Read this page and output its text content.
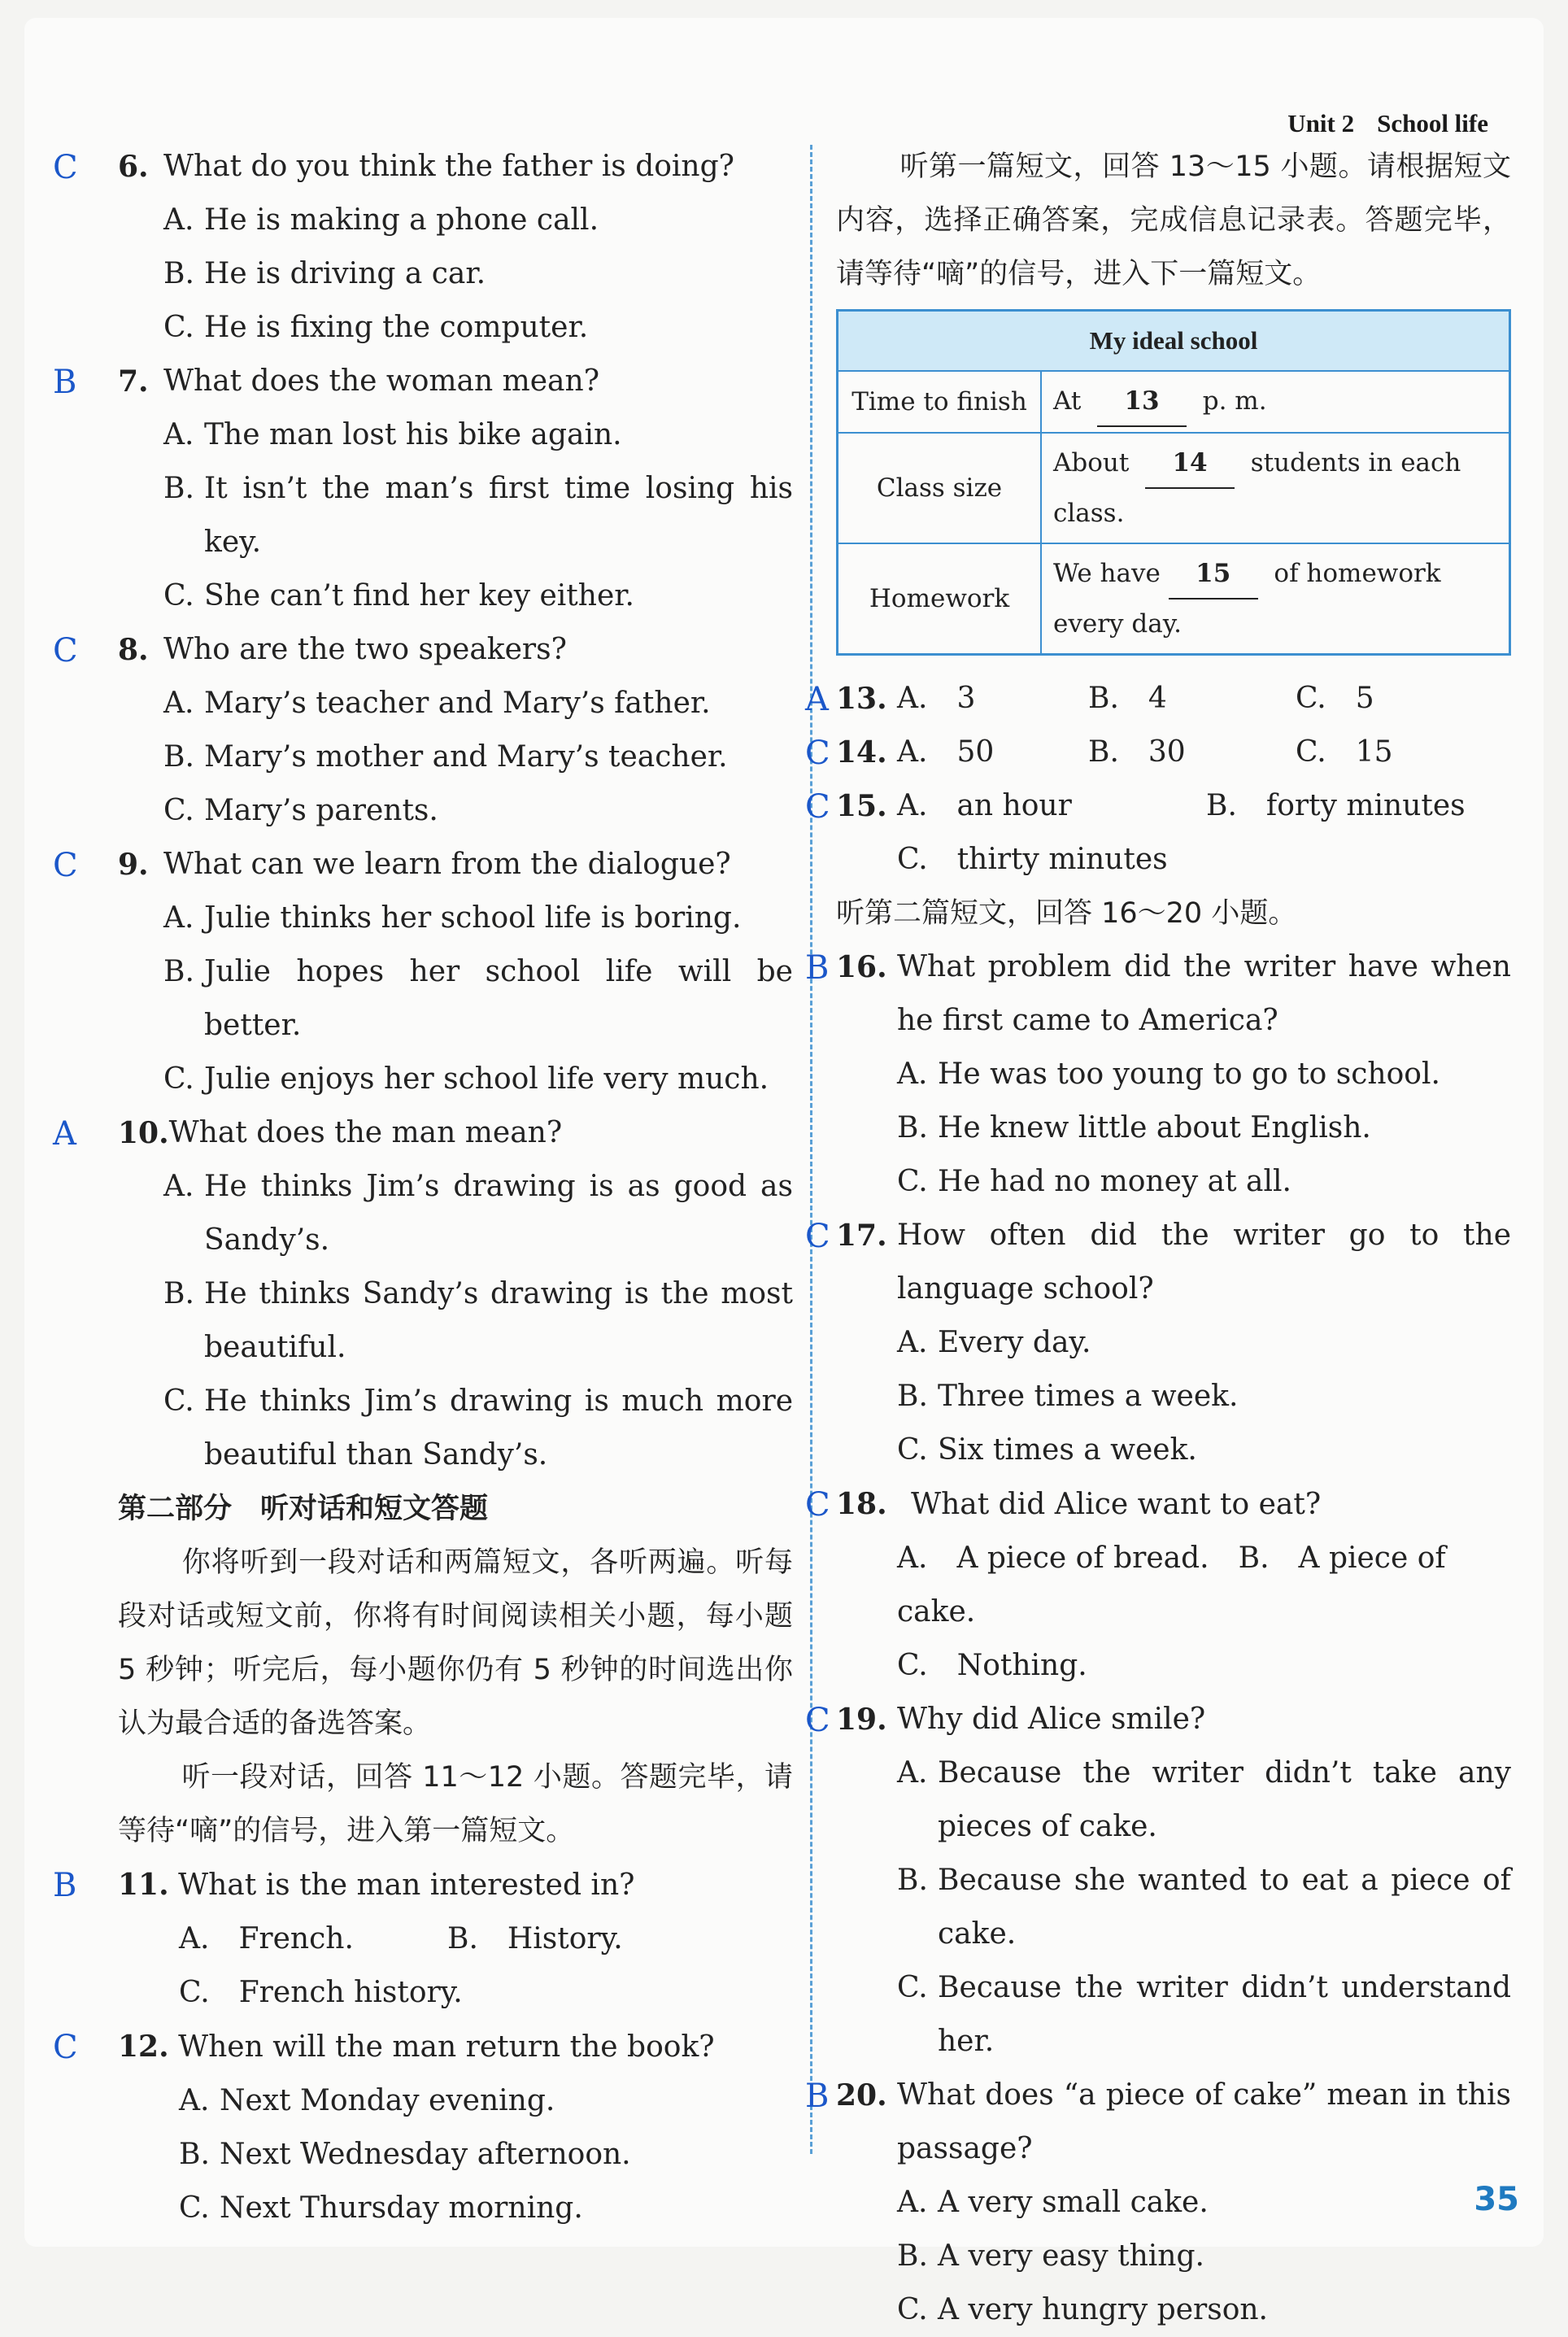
Unit 2 School life
C 6. What do you think the father is doing?
A. He is making a phone call.
B. He is driving a car.
C. He is fixing the computer.
B 7. What does the woman mean?
A. The man lost his bike again.
B. It isn’t the man’s first time losing his key.
C. She can’t find her key either.
C 8. Who are the two speakers?
A. Mary’s teacher and Mary’s father.
B. Mary’s mother and Mary’s teacher.
C. Mary’s parents.
C 9. What can we learn from the dialogue?
A. Julie thinks her school life is boring.
B. Julie hopes her school life will be better.
C. Julie enjoys her school life very much.
A 10. What does the man mean?
A. He thinks Jim’s drawing is as good as Sandy’s.
B. He thinks Sandy’s drawing is the most beautiful.
C. He thinks Jim’s drawing is much more beautiful than Sandy’s.
第二部分　听对话和短文答题
你将听到一段对话和两篇短文，各听两遍。听每段对话或短文前，你将有时间阅读相关小题，每小题 5 秒钟；听完后，每小题你仍有 5 秒钟的时间选出你认为最合适的备选答案。
听一段对话，回答 11～12 小题。答题完毕，请等待“嘀”的信号，进入第一篇短文。
B 11. What is the man interested in?
A.　French.	B.　History.
C.　French history.
C 12. When will the man return the book?
A. Next Monday evening.
B. Next Wednesday afternoon.
C. Next Thursday morning.
听第一篇短文，回答 13～15 小题。请根据短文内容，选择正确答案，完成信息记录表。答题完毕，请等待“嘀”的信号，进入下一篇短文。
My ideal school	
Time to finish	At 13 p. m.
Class size	About 14 students in each class.
Homework	We have 15 of homework every day.
A 13. A.　3	B.　4	C.　5
C 14. A.　50	B.　30	C.　15
C 15. A.　an hour	B.　forty minutes
C.　thirty minutes
听第二篇短文，回答 16～20 小题。
B 16. What problem did the writer have when he first came to America?
A. He was too young to go to school.
B. He knew little about English.
C. He had no money at all.
C 17. How often did the writer go to the language school?
A. Every day.
B. Three times a week.
C. Six times a week.
C 18. What did Alice want to eat?
A.　A piece of bread.　B.　A piece of cake.
C.　Nothing.
C 19. Why did Alice smile?
A. Because the writer didn’t take any pieces of cake.
B. Because she wanted to eat a piece of cake.
C. Because the writer didn’t understand her.
B 20. What does “a piece of cake” mean in this passage?
A. A very small cake.
B. A very easy thing.
C. A very hungry person.
35
